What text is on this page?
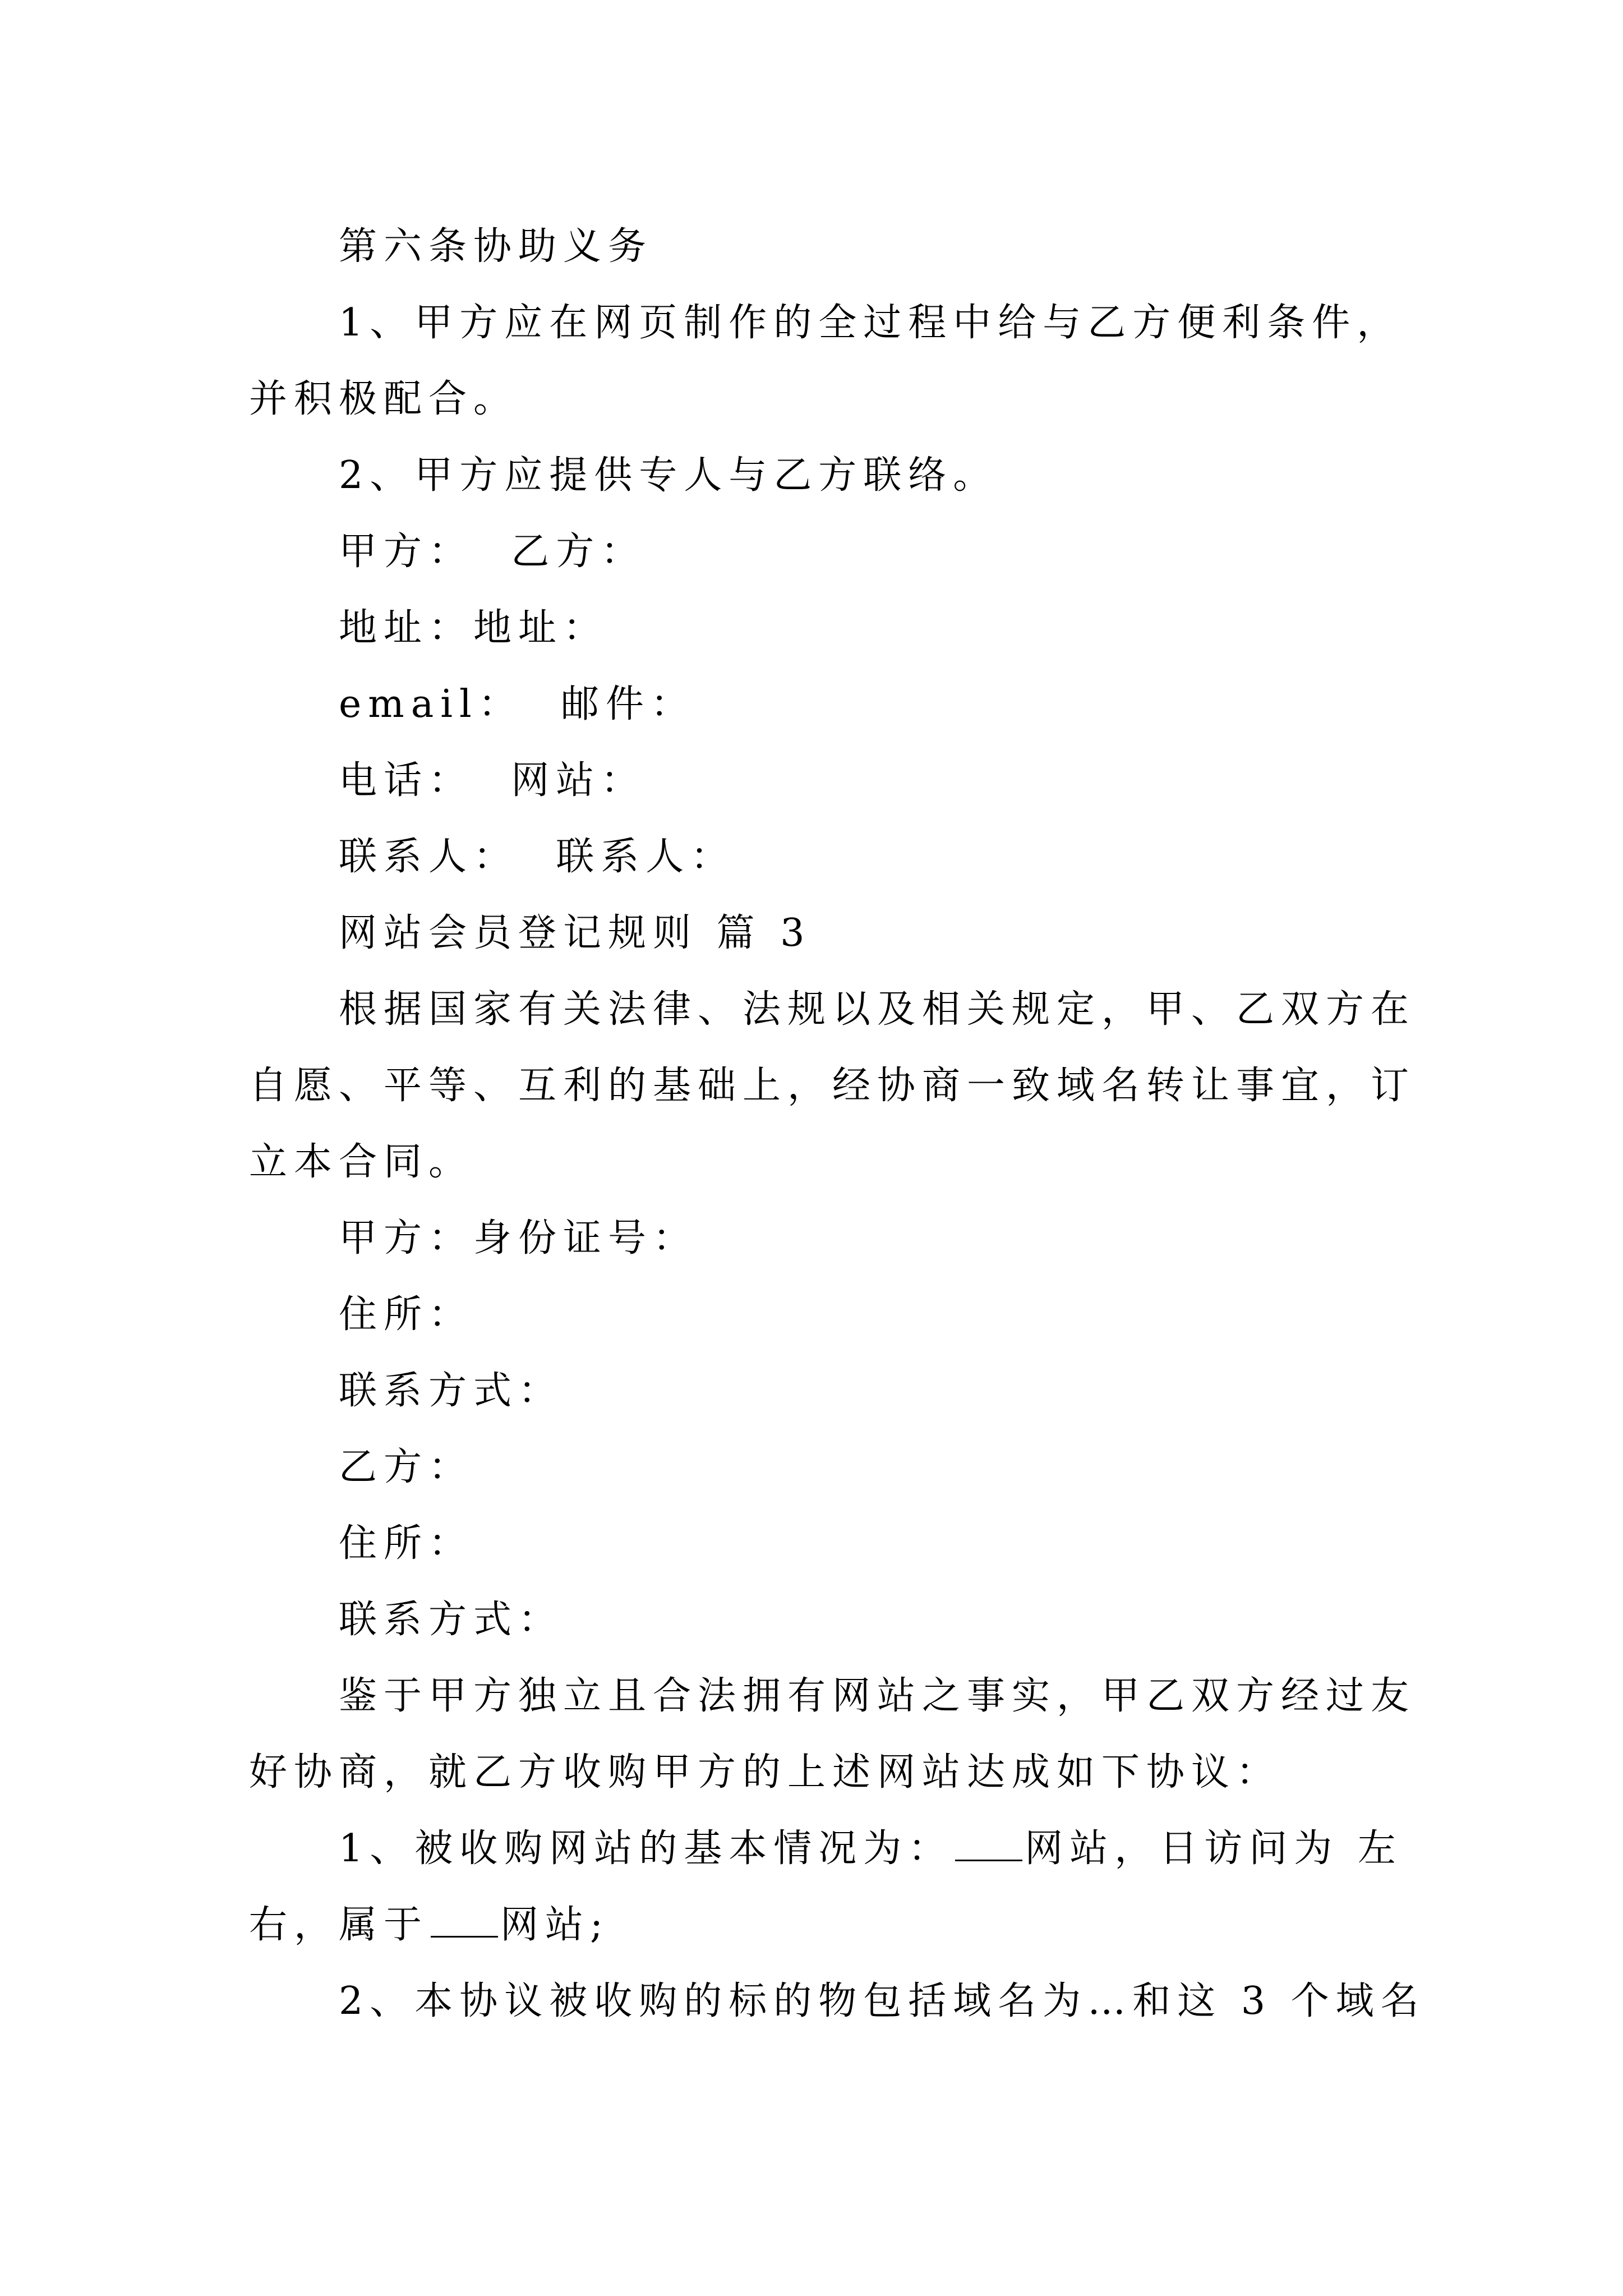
第六条协助义务
1、甲方应在网页制作的全过程中给与乙方便利条件，
并积极配合。
2、甲方应提供专人与乙方联络。
甲方：  乙方：
地址：地址：
email：  邮件：
电话：  网站：
联系人：  联系人：
网站会员登记规则 篇 3
根据国家有关法律、法规以及相关规定，甲、乙双方在
自愿、平等、互利的基础上，经协商一致域名转让事宜，订
立本合同。
甲方：身份证号：
住所：
联系方式：
乙方：
住所：
联系方式：
鉴于甲方独立且合法拥有网站之事实，甲乙双方经过友
好协商，就乙方收购甲方的上述网站达成如下协议：
1、被收购网站的基本情况为： 网站，日访问为 左
右，属于 网站;
2、本协议被收购的标的物包括域名为…和这 3 个域名
